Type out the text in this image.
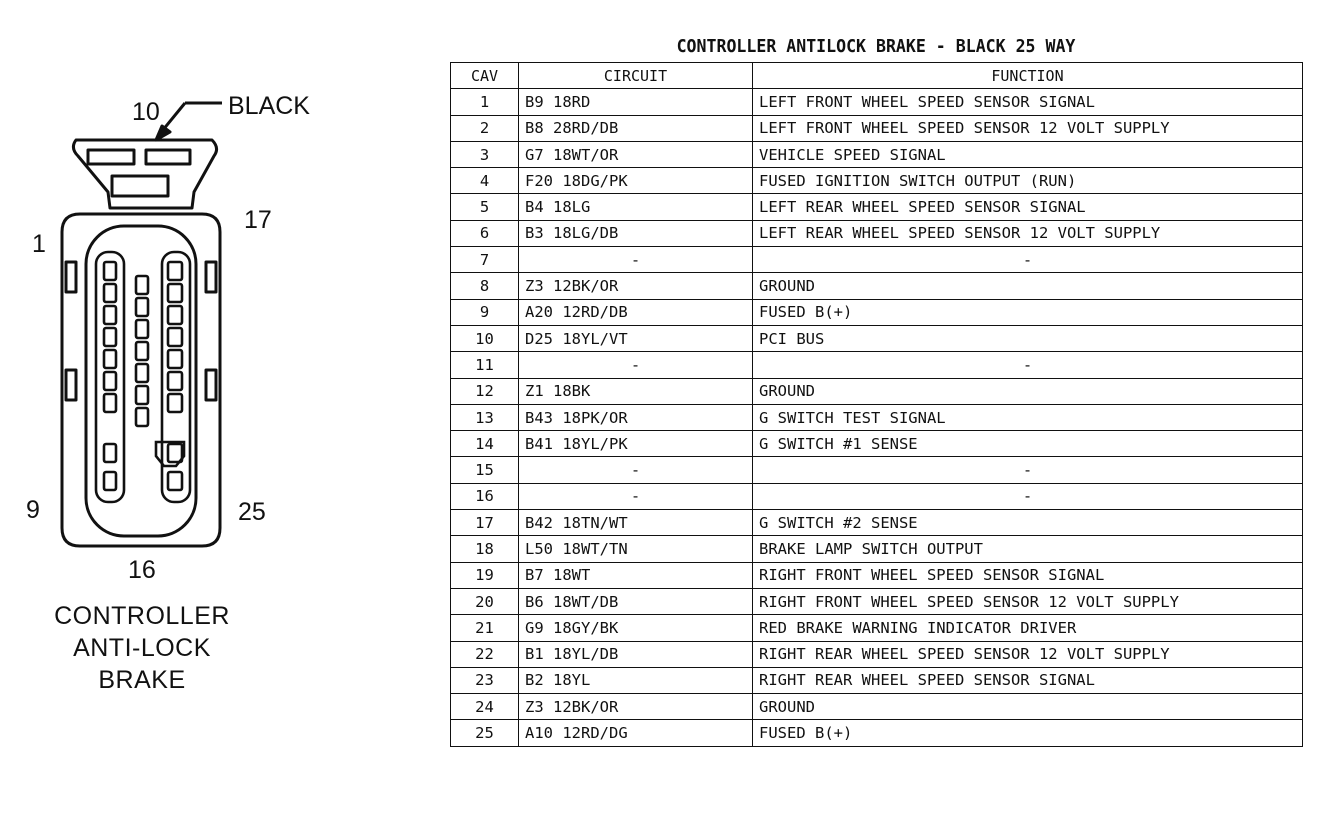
BLACK
10
1
17
9	25
16
CONTROLLER
ANTI-LOCK
BRAKE
CONTROLLER ANTILOCK BRAKE - BLACK 25 WAY
CAV	CIRCUIT	FUNCTION
1	B9 18RD	LEFT FRONT WHEEL SPEED SENSOR SIGNAL
2	B8 28RD/DB	LEFT FRONT WHEEL SPEED SENSOR 12 VOLT SUPPLY
3	G7 18WT/OR	VEHICLE SPEED SIGNAL
4	F20 18DG/PK	FUSED IGNITION SWITCH OUTPUT (RUN)
5	B4 18LG	LEFT REAR WHEEL SPEED SENSOR SIGNAL
6	B3 18LG/DB	LEFT REAR WHEEL SPEED SENSOR 12 VOLT SUPPLY
7	-	-
8	Z3 12BK/OR	GROUND
9	A20 12RD/DB	FUSED B(+)
10	D25 18YL/VT	PCI BUS
11	-	-
12	Z1 18BK	GROUND
13	B43 18PK/OR	G SWITCH TEST SIGNAL
14	B41 18YL/PK	G SWITCH #1 SENSE
15	-	-
16	-	-
17	B42 18TN/WT	G SWITCH #2 SENSE
18	L50 18WT/TN	BRAKE LAMP SWITCH OUTPUT
19	B7 18WT	RIGHT FRONT WHEEL SPEED SENSOR SIGNAL
20	B6 18WT/DB	RIGHT FRONT WHEEL SPEED SENSOR 12 VOLT SUPPLY
21	G9 18GY/BK	RED BRAKE WARNING INDICATOR DRIVER
22	B1 18YL/DB	RIGHT REAR WHEEL SPEED SENSOR 12 VOLT SUPPLY
23	B2 18YL	RIGHT REAR WHEEL SPEED SENSOR SIGNAL
24	Z3 12BK/OR	GROUND
25	A10 12RD/DG	FUSED B(+)
